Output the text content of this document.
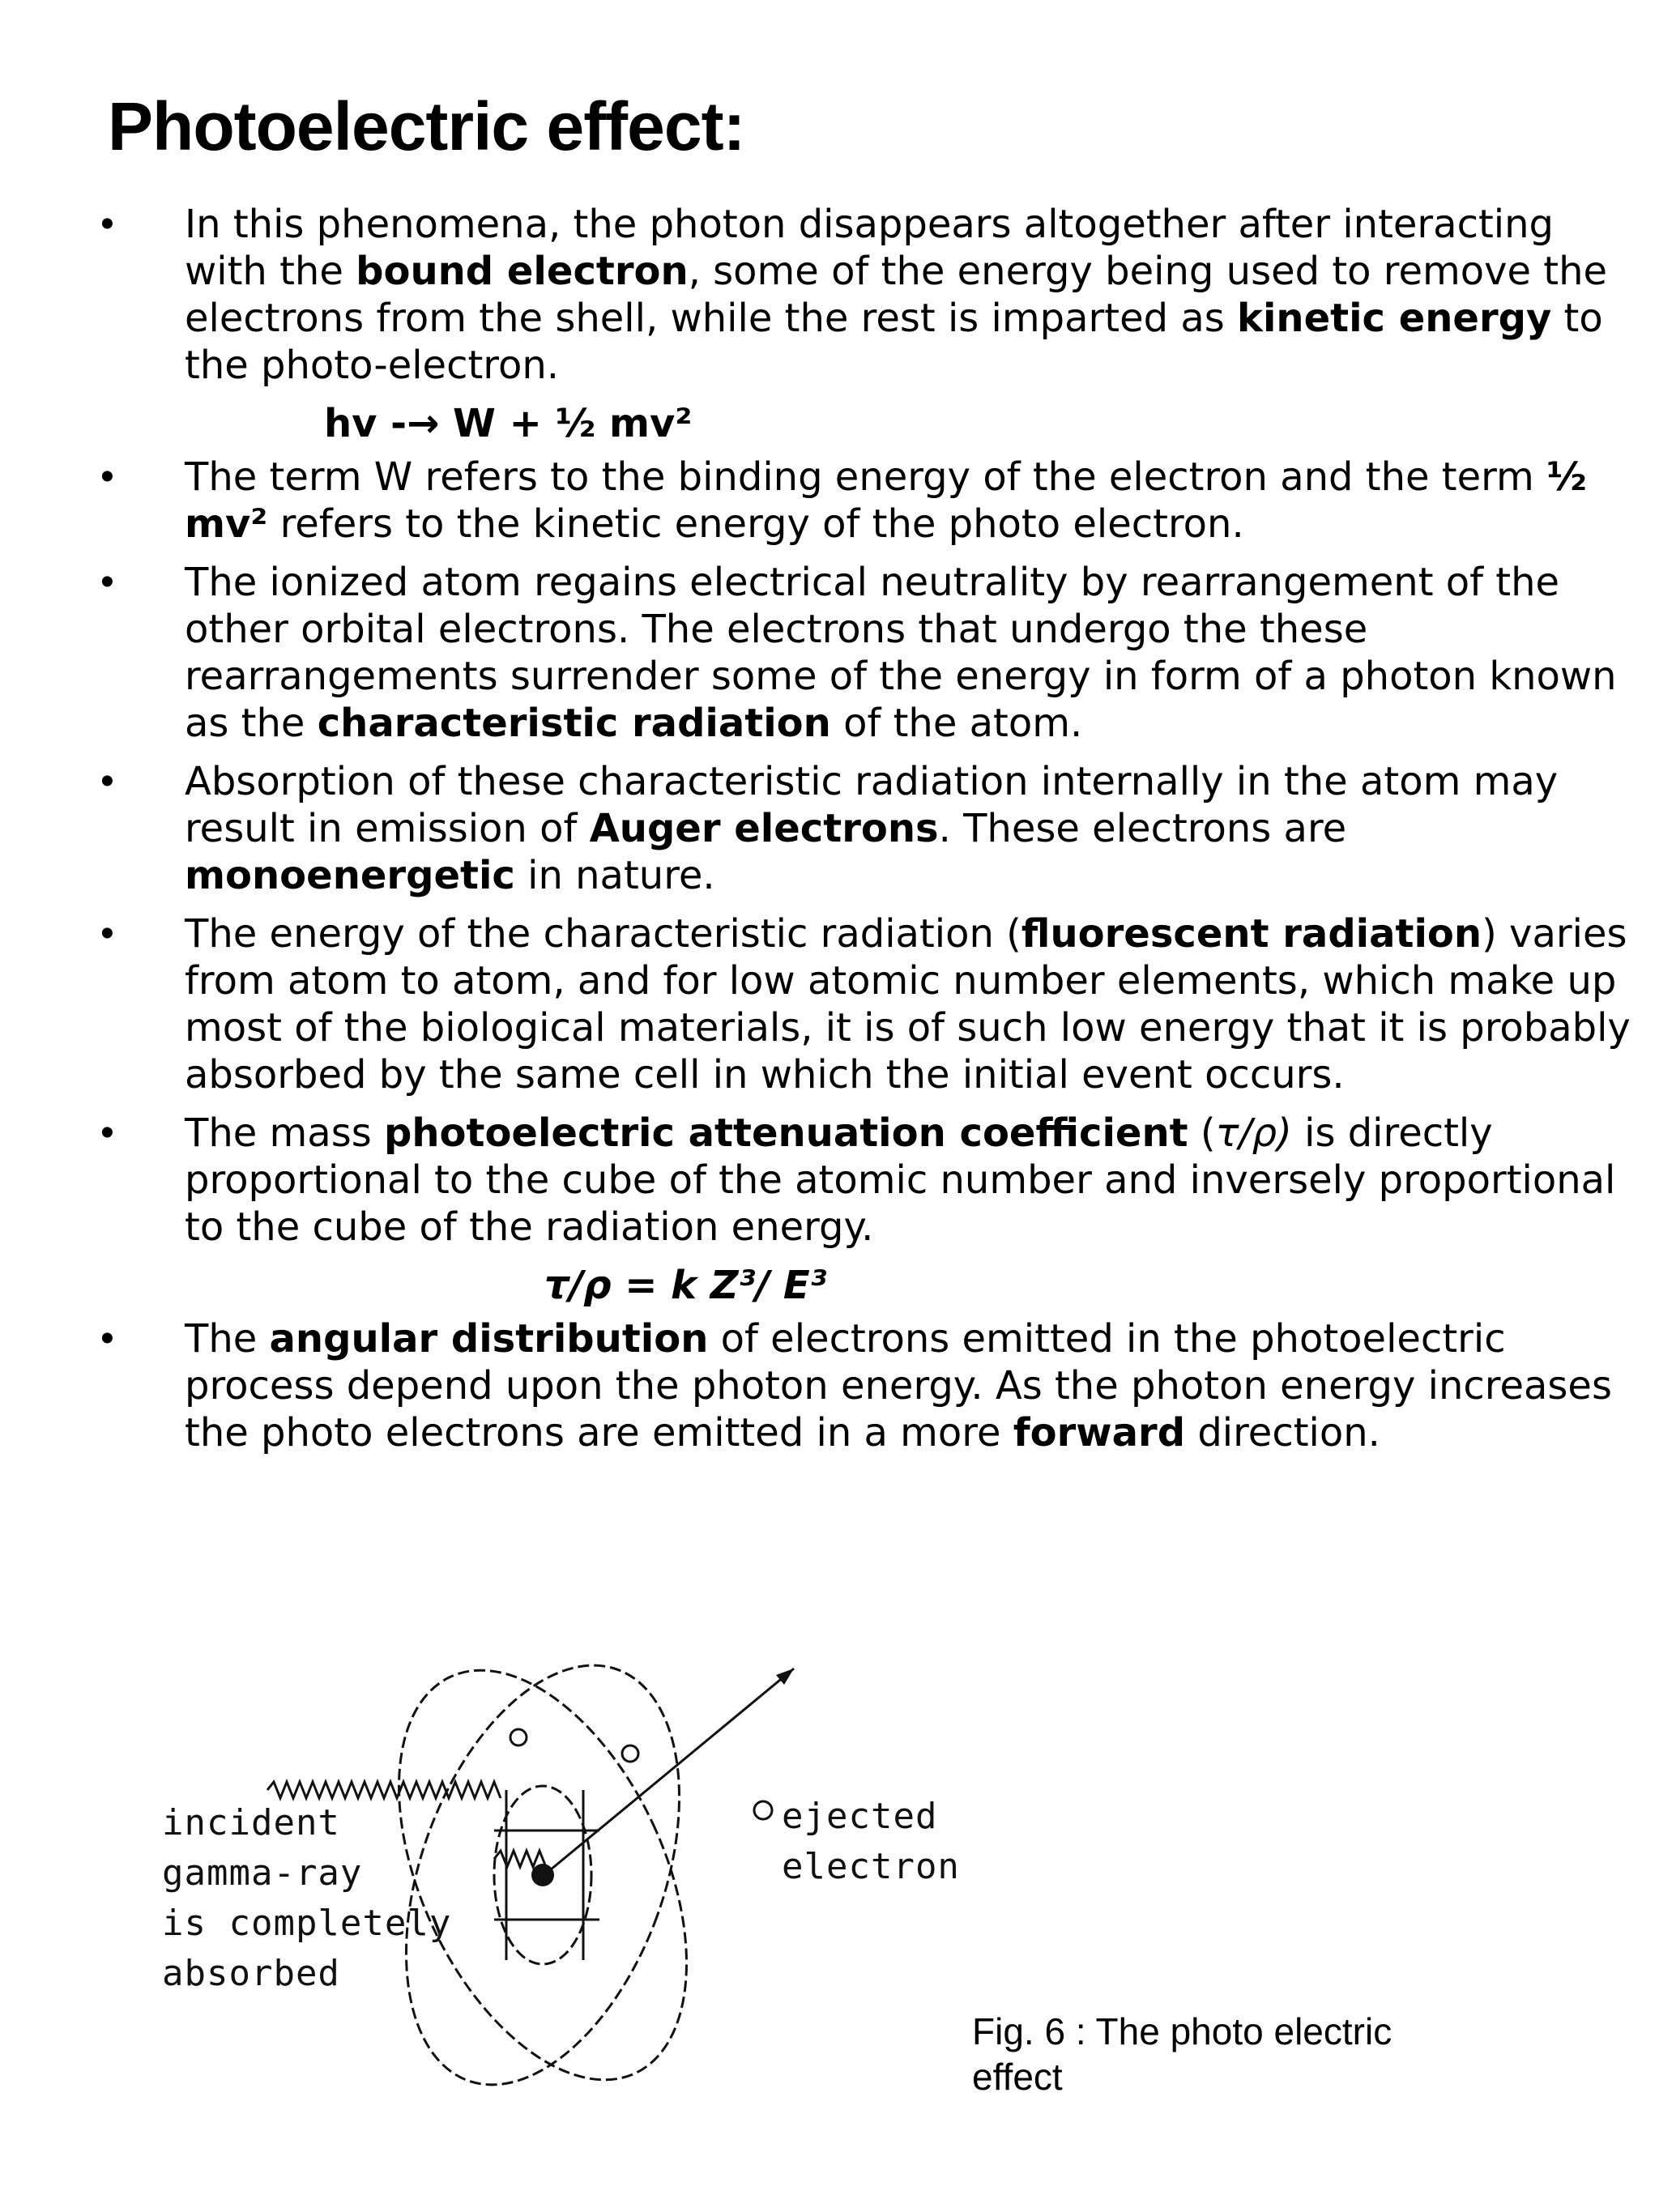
Photoelectric effect:
• In this phenomena, the photon disappears altogether after interacting with the bound electron, some of the energy being used to remove the electrons from the shell, while the rest is imparted as kinetic energy to the photo-electron.

hv -→ W + ½ mv²
• The term W refers to the binding energy of the electron and the term ½ mv² refers to the kinetic energy of the photo electron.

• The ionized atom regains electrical neutrality by rearrangement of the other orbital electrons. The electrons that undergo the these rearrangements surrender some of the energy in form of a photon known as the characteristic radiation of the atom.

• Absorption of these characteristic radiation internally in the atom may result in emission of Auger electrons. These electrons are monoenergetic in nature.

• The energy of the characteristic radiation (fluorescent radiation) varies from atom to atom, and for low atomic number elements, which make up most of the biological materials, it is of such low energy that it is probably absorbed by the same cell in which the initial event occurs.

• The mass photoelectric attenuation coefficient (τ/ρ) is directly proportional to the cube of the atomic number and inversely proportional to the cube of the radiation energy.

τ/ρ = k Z³/ E³
• The angular distribution of electrons emitted in the photoelectric process depend upon the photon energy. As the photon energy increases the photo electrons are emitted in a more forward direction.

incident
gamma-ray
is completely
absorbed
ejected
electron
Fig. 6 : The photo electric effect
